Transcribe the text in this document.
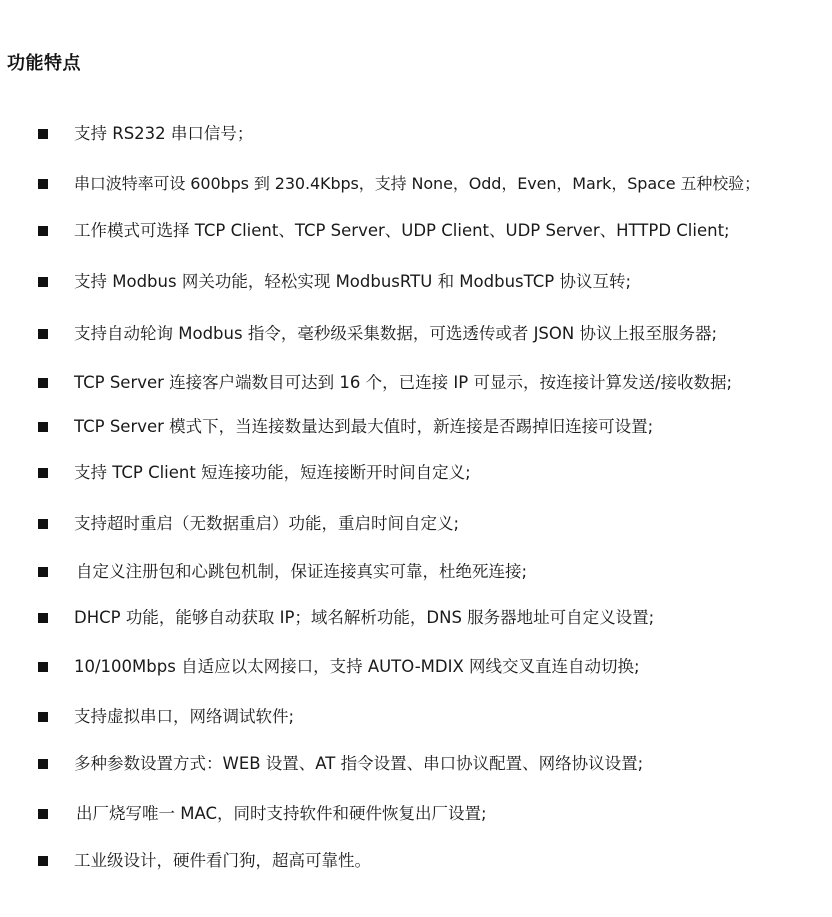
功能特点
支持 RS232 串口信号；
串口波特率可设 600bps 到 230.4Kbps，支持 None，Odd，Even，Mark，Space 五种校验；
工作模式可选择 TCP Client、TCP Server、UDP Client、UDP Server、HTTPD Client;
支持 Modbus 网关功能，轻松实现 ModbusRTU 和 ModbusTCP 协议互转;
支持自动轮询 Modbus 指令，毫秒级采集数据，可选透传或者 JSON 协议上报至服务器;
TCP Server 连接客户端数目可达到 16 个，已连接 IP 可显示，按连接计算发送/接收数据;
TCP Server 模式下，当连接数量达到最大值时，新连接是否踢掉旧连接可设置;
支持 TCP Client 短连接功能，短连接断开时间自定义;
支持超时重启（无数据重启）功能，重启时间自定义;
自定义注册包和心跳包机制，保证连接真实可靠，杜绝死连接;
DHCP 功能，能够自动获取 IP；域名解析功能，DNS 服务器地址可自定义设置;
10/100Mbps 自适应以太网接口，支持 AUTO-MDIX 网线交叉直连自动切换;
支持虚拟串口，网络调试软件;
多种参数设置方式：WEB 设置、AT 指令设置、串口协议配置、网络协议设置;
出厂烧写唯一 MAC，同时支持软件和硬件恢复出厂设置;
工业级设计，硬件看门狗，超高可靠性。
